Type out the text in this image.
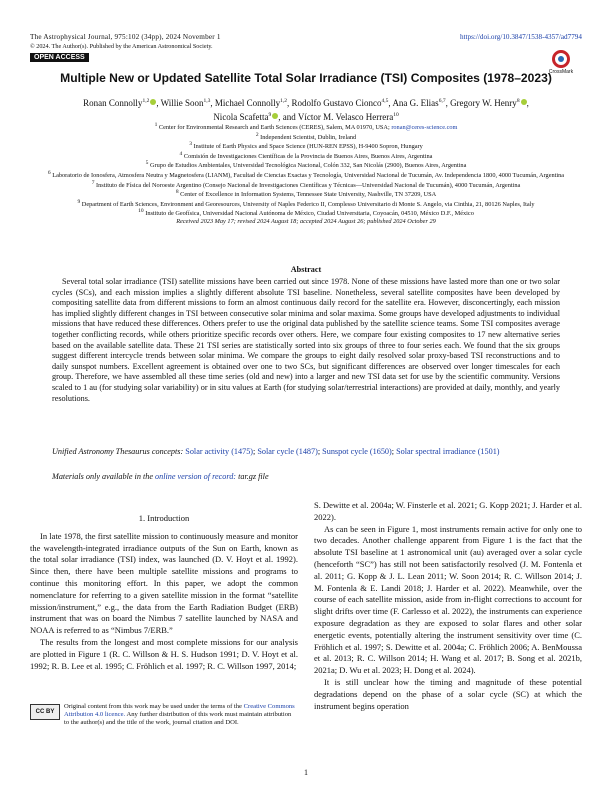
The Astrophysical Journal, 975:102 (34pp), 2024 November 1	https://doi.org/10.3847/1538-4357/ad7794
© 2024. The Author(s). Published by the American Astronomical Society.
OPEN ACCESS
CrossMark
Multiple New or Updated Satellite Total Solar Irradiance (TSI) Composites (1978–2023)
Ronan Connolly$^{1,2}$ , Willie Soon$^{1,3}$, Michael Connolly$^{1,2}$, Rodolfo Gustavo Cionco$^{4,5}$, Ana G. Elias$^{6,7}$, Gregory W. Henry$^8$ ,
Nicola Scafetta$^9$ , and Víctor M. Velasco Herrera$^{10}$
$^1$ Center for Environmental Research and Earth Sciences (CERES), Salem, MA 01970, USA; ronan@ceres-science.com
$^2$ Independent Scientist, Dublin, Ireland
$^3$ Institute of Earth Physics and Space Science (HUN-REN EPSS), H-9400 Sopron, Hungary
$^4$ Comisión de Investigaciones Científicas de la Provincia de Buenos Aires, Buenos Aires, Argentina
$^5$ Grupo de Estudios Ambientales, Universidad Tecnológica Nacional, Colón 332, San Nicolás (2900), Buenos Aires, Argentina
$^6$ Laboratorio de Ionosfera, Atmosfera Neutra y Magnetosfera (LIANM), Facultad de Ciencias Exactas y Tecnología, Universidad Nacional de Tucumán, Av. Independencia 1800, 4000 Tucumán, Argentina
$^7$ Instituto de Física del Noroeste Argentino (Consejo Nacional de Investigaciones Científicas y Técnicas—Universidad Nacional de Tucumán), 4000 Tucumán, Argentina
$^8$ Center of Excellence in Information Systems, Tennessee State University, Nashville, TN 37209, USA
$^9$ Department of Earth Sciences, Environment and Georesources, University of Naples Federico II, Complesso Universitario di Monte S. Angelo, via Cinthia, 21, 80126 Naples, Italy
$^{10}$ Instituto de Geofísica, Universidad Nacional Autónoma de México, Ciudad Universitaria, Coyoacán, 04510, México D.F., México
Received 2023 May 17; revised 2024 August 18; accepted 2024 August 26; published 2024 October 29
Abstract
Several total solar irradiance (TSI) satellite missions have been carried out since 1978. None of these missions have lasted more than one or two solar cycles (SCs), and each mission implies a slightly different absolute TSI baseline. Nonetheless, several satellite composites have been developed by compositing satellite data from different missions to form an almost continuous daily record for the satellite era. However, disconcertingly, each mission has implied slightly different changes in TSI between consecutive solar minima and solar maxima. Some groups have developed adjustments to individual missions that have reduced these differences. Others prefer to use the original data published by the satellite science teams. Some TSI composites average together conflicting records, while others prioritize specific records over others. Here, we compare four existing composites to 17 new alternative series based on the available satellite data. These 21 TSI series are statistically sorted into six groups of three to four series each. We found that the six groups suggest different intercycle trends between solar minima. We compare the groups to eight daily resolved solar proxy-based TSI reconstructions and to daily sunspot numbers. Excellent agreement is obtained over one to two SCs, but significant differences are observed over longer timescales for each group. Therefore, we have assembled all these time series (old and new) into a larger and new TSI data set for use by the scientific community. Versions scaled to 1 au (for studying solar variability) or in situ values at Earth (for studying solar/terrestrial interactions) are provided at daily, monthly, and yearly resolutions.
Unified Astronomy Thesaurus concepts: Solar activity (1475); Solar cycle (1487); Sunspot cycle (1650); Solar spectral irradiance (1501)
Materials only available in the online version of record: tar.gz file

1. Introduction

In late 1978, the first satellite mission to continuously measure and monitor the wavelength-integrated irradiance outputs of the Sun on Earth, known as the total solar irradiance (TSI) index, was launched (D. V. Hoyt et al. 1992). Since then, there have been multiple satellite missions and programs to continue this monitoring effort. In this paper, we adopt the common nomenclature for referring to a given satellite mission in the format “satellite mission/instrument,” e.g., the data from the Earth Radiation Budget (ERB) instrument that was on board the Nimbus 7 satellite launched by NASA and NOAA is referred to as “Nimbus 7/ERB.”

The results from the longest and most complete missions for our analysis are plotted in Figure 1 (R. C. Willson & H. S. Hudson 1991; D. V. Hoyt et al. 1992; R. B. Lee et al. 1995; C. Fröhlich et al. 1997; R. C. Willson 1997, 2014;

CC BY
Original content from this work may be used under the terms of the Creative Commons Attribution 4.0 licence. Any further distribution of this work must maintain attribution to the author(s) and the title of the work, journal citation and DOI.

S. Dewitte et al. 2004a; W. Finsterle et al. 2021; G. Kopp 2021; J. Harder et al. 2022).

As can be seen in Figure 1, most instruments remain active for only one to two decades. Another challenge apparent from Figure 1 is the fact that the absolute TSI baseline at 1 astronomical unit (au) averaged over a solar cycle (henceforth “SC”) has still not been satisfactorily resolved (J. M. Fontenla et al. 2011; G. Kopp & J. L. Lean 2011; W. Soon 2014; R. C. Willson 2014; J. M. Fontenla & E. Landi 2018; J. Harder et al. 2022). Meanwhile, over the course of each satellite mission, aside from in-flight corrections to account for slight drifts over time (F. Carlesso et al. 2022), the instruments can experience exposure degradation as they are exposed to solar flares and other solar energetic events, potentially altering the instrument sensitivity over time (C. Fröhlich et al. 1997; S. Dewitte et al. 2004a; C. Fröhlich 2006; A. BenMoussa et al. 2013; R. C. Willson 2014; H. Wang et al. 2017; B. Song et al. 2021b, 2021a; D. Wu et al. 2023; H. Dong et al. 2024).

It is still unclear how the timing and magnitude of these potential degradations depend on the phase of a solar cycle (SC) at which the instrument begins operation

1
